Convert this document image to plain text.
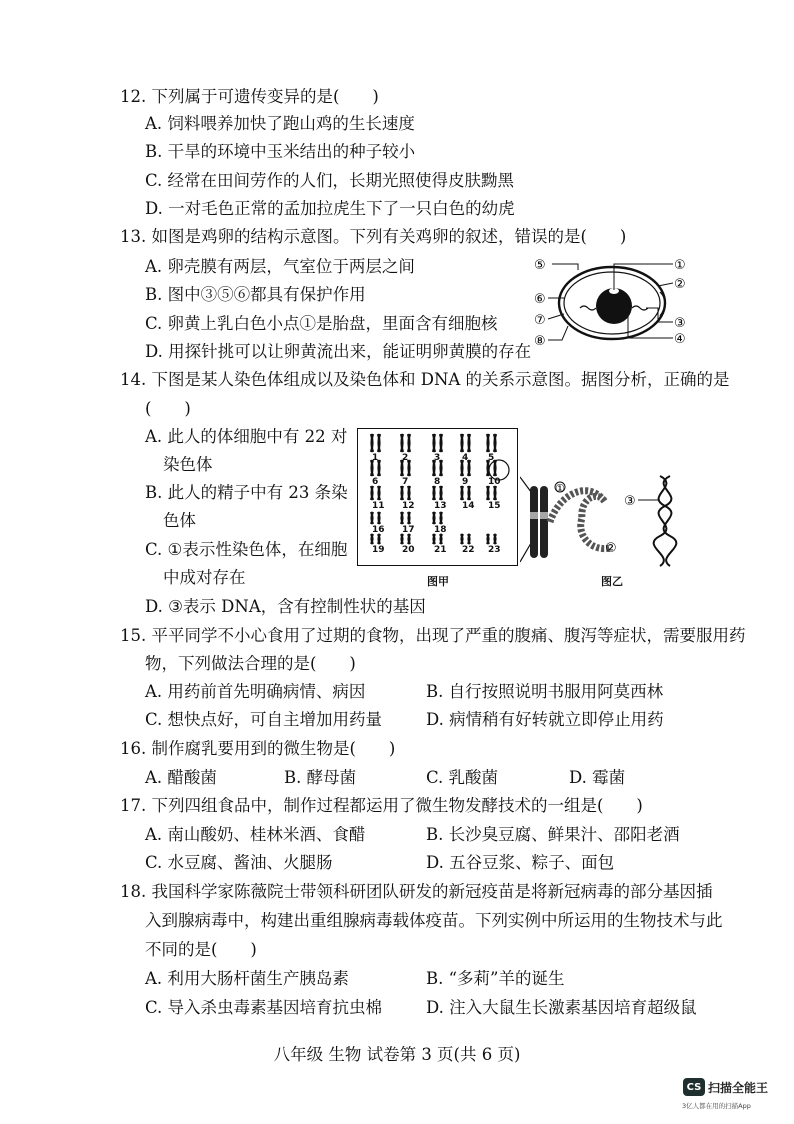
12. 下列属于可遗传变异的是(　　)
A. 饲料喂养加快了跑山鸡的生长速度
B. 干旱的环境中玉米结出的种子较小
C. 经常在田间劳作的人们，长期光照使得皮肤黝黑
D. 一对毛色正常的孟加拉虎生下了一只白色的幼虎
13. 如图是鸡卵的结构示意图。下列有关鸡卵的叙述，错误的是(　　)
A. 卵壳膜有两层，气室位于两层之间
B. 图中③⑤⑥都具有保护作用
C. 卵黄上乳白色小点①是胎盘，里面含有细胞核
D. 用探针挑可以让卵黄流出来，能证明卵黄膜的存在
①
②
③
④
⑤
⑥
⑦
⑧
14. 下图是某人染色体组成以及染色体和 DNA 的关系示意图。据图分析，正确的是
(　　)
A. 此人的体细胞中有 22 对
染色体
B. 此人的精子中有 23 条染
色体
C. ①表示性染色体，在细胞
中成对存在
D. ③表示 DNA，含有控制性状的基因
1	2	3 4 5
6	7	8 9 10
11 12 13 14 15
16 17 18
19 20 21 22 23
图甲
①
②
③
图乙
15. 平平同学不小心食用了过期的食物，出现了严重的腹痛、腹泻等症状，需要服用药
物，下列做法合理的是(　　)
A. 用药前首先明确病情、病因	B. 自行按照说明书服用阿莫西林
C. 想快点好，可自主增加用药量	D. 病情稍有好转就立即停止用药
16. 制作腐乳要用到的微生物是(　　)
A. 醋酸菌	B. 酵母菌	C. 乳酸菌	D. 霉菌
17. 下列四组食品中，制作过程都运用了微生物发酵技术的一组是(　　)
A. 南山酸奶、桂林米酒、食醋	B. 长沙臭豆腐、鲜果汁、邵阳老酒
C. 水豆腐、酱油、火腿肠	D. 五谷豆浆、粽子、面包
18. 我国科学家陈薇院士带领科研团队研发的新冠疫苗是将新冠病毒的部分基因插
入到腺病毒中，构建出重组腺病毒载体疫苗。下列实例中所运用的生物技术与此
不同的是(　　)
A. 利用大肠杆菌生产胰岛素	B. “多莉”羊的诞生
C. 导入杀虫毒素基因培育抗虫棉	D. 注入大鼠生长激素基因培育超级鼠
八年级 生物 试卷第 3 页(共 6 页)
CS 扫描全能王
3亿人都在用的扫描App
